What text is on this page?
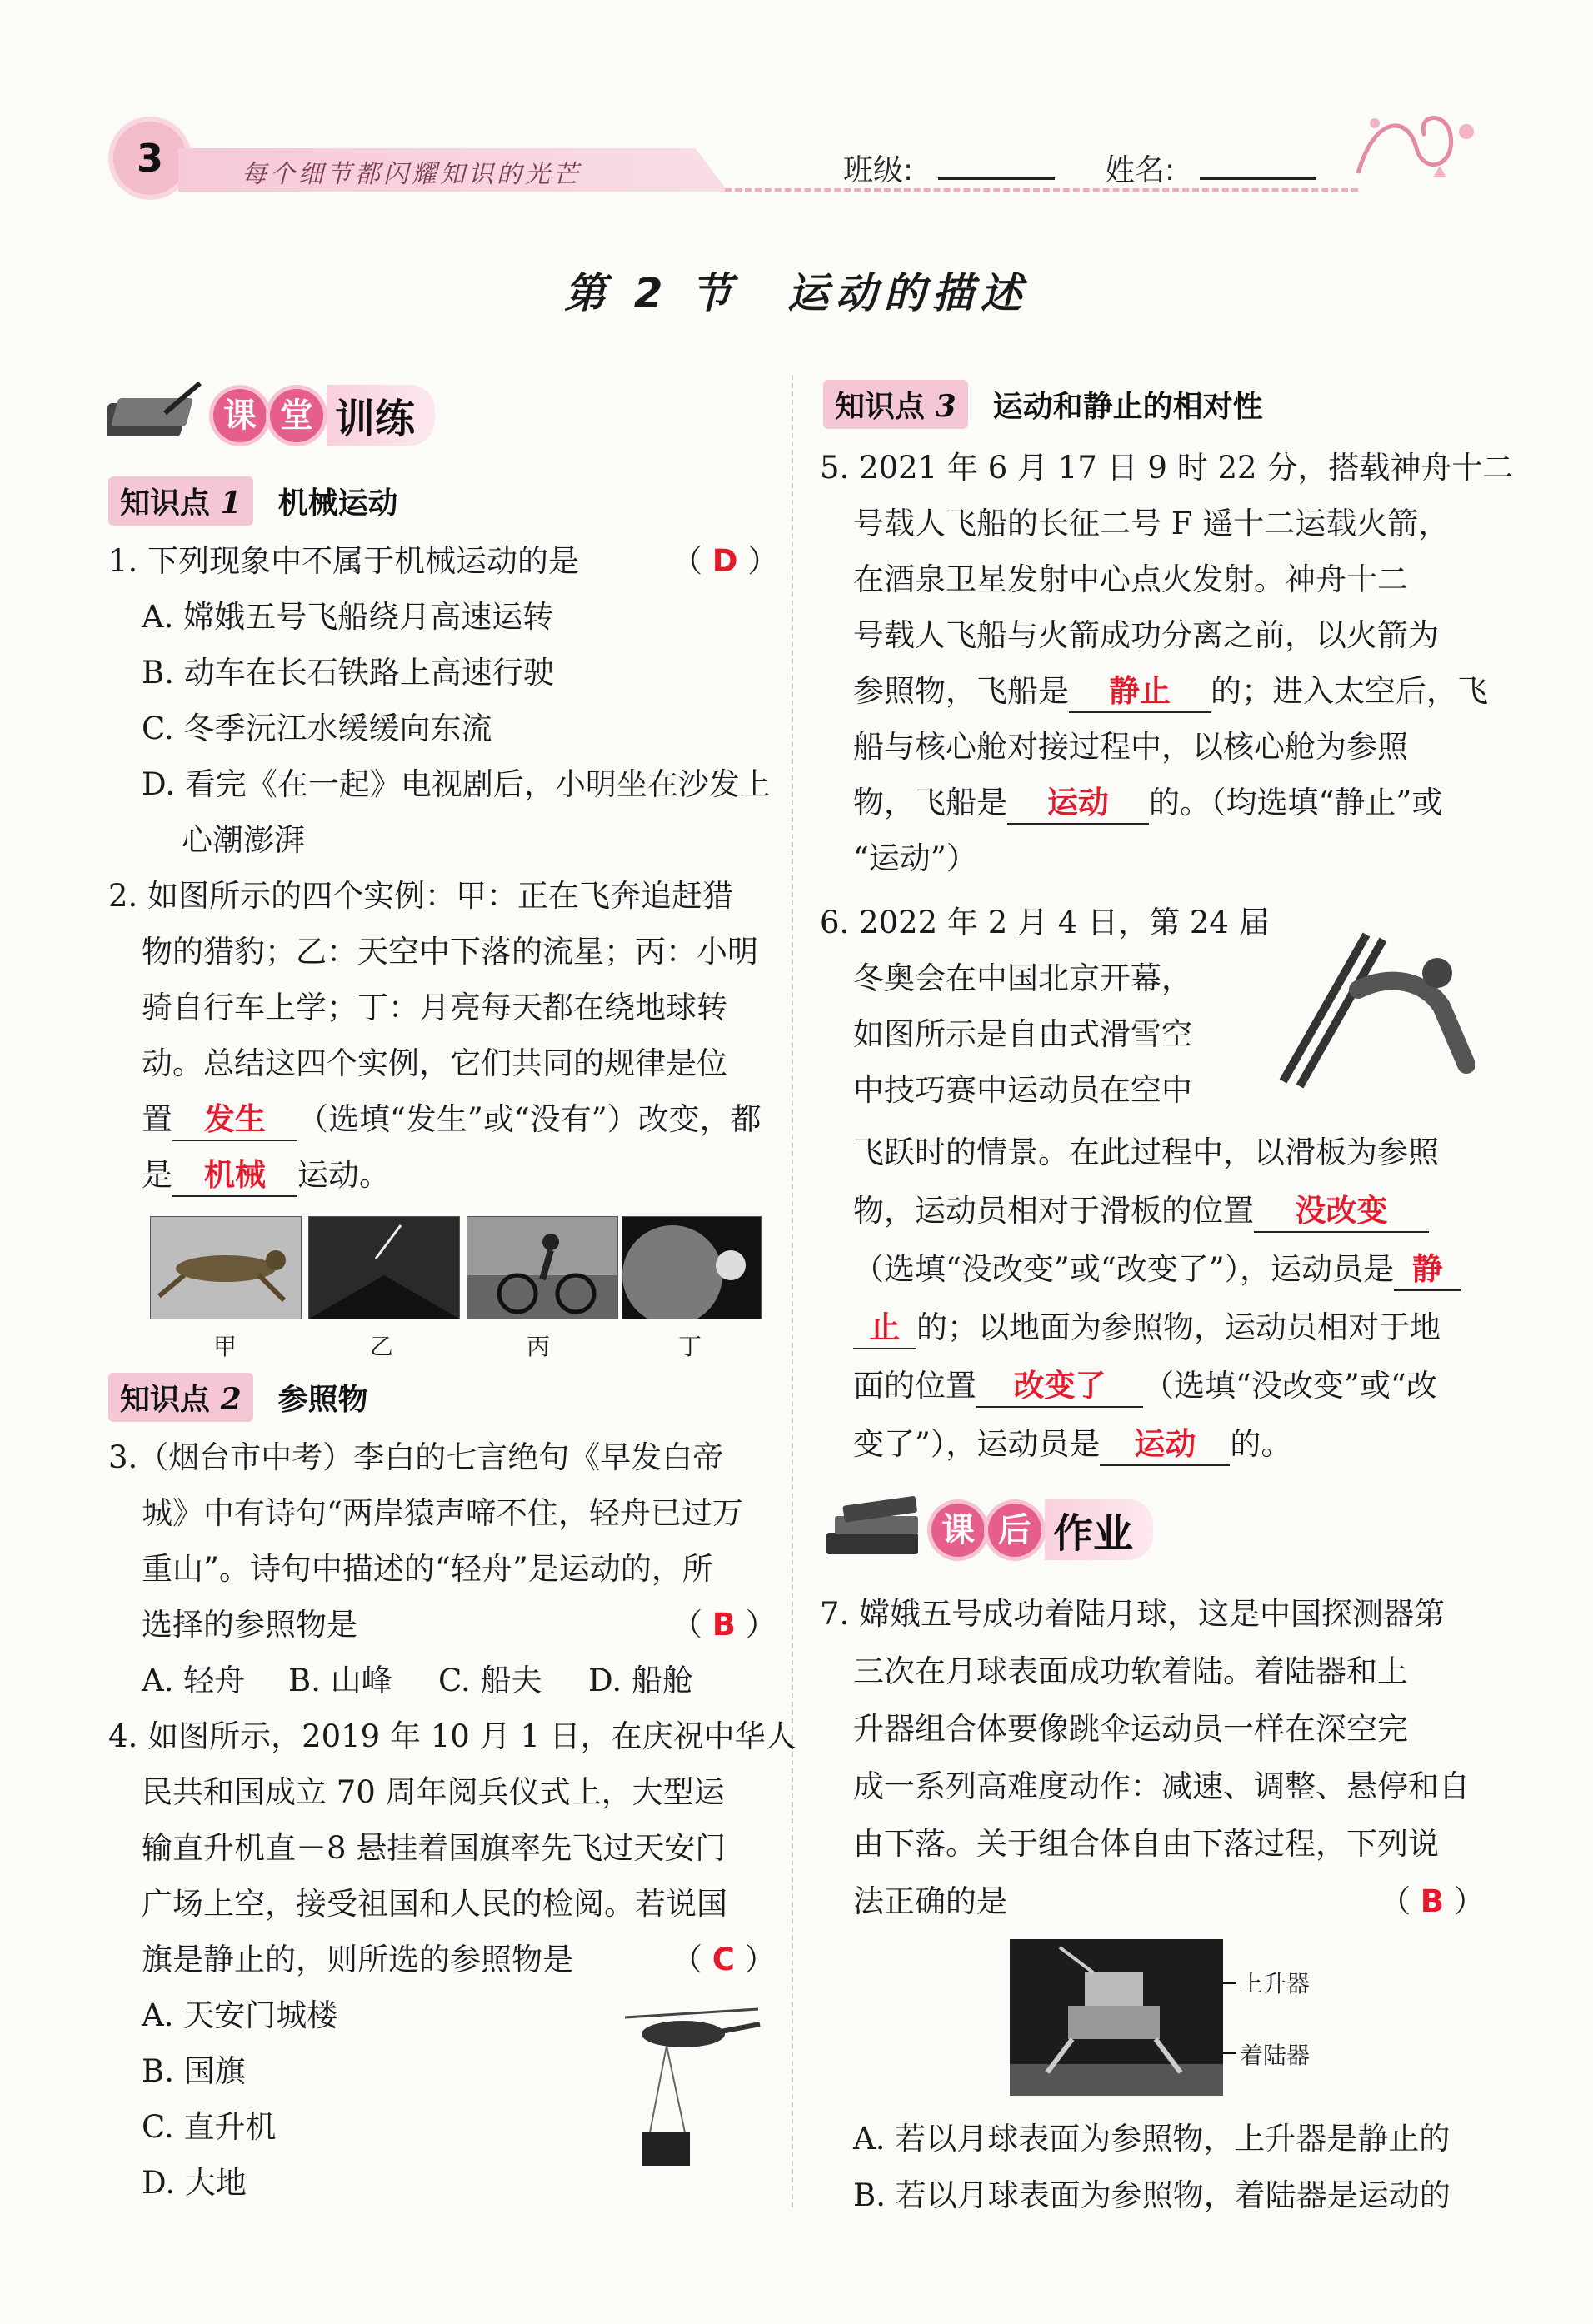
3	每个细节都闪耀知识的光芒	班级:	姓名:
第 2 节　运动的描述
课 堂 训练
知识点 1	机械运动
1. 下列现象中不属于机械运动的是	（ D ）
A. 嫦娥五号飞船绕月高速运转
B. 动车在长石铁路上高速行驶
C. 冬季沅江水缓缓向东流
D. 看完《在一起》电视剧后，小明坐在沙发上
心潮澎湃
2. 如图所示的四个实例：甲：正在飞奔追赶猎
物的猎豹；乙：天空中下落的流星；丙：小明
骑自行车上学；丁：月亮每天都在绕地球转
动。总结这四个实例，它们共同的规律是位
置 发生 （选填“发生”或“没有”）改变，都
是 机械 运动。
甲	乙	丙	丁
知识点 2	参照物
3.（烟台市中考）李白的七言绝句《早发白帝
城》中有诗句“两岸猿声啼不住，轻舟已过万
重山”。诗句中描述的“轻舟”是运动的，所
选择的参照物是	（ B ）
A. 轻舟 B. 山峰 C. 船夫 D. 船舱
4. 如图所示，2019 年 10 月 1 日，在庆祝中华人
民共和国成立 70 周年阅兵仪式上，大型运
输直升机直－8 悬挂着国旗率先飞过天安门
广场上空，接受祖国和人民的检阅。若说国
旗是静止的，则所选的参照物是	（ C ）
A. 天安门城楼
B. 国旗
C. 直升机
D. 大地
知识点 3	运动和静止的相对性
5. 2021 年 6 月 17 日 9 时 22 分，搭载神舟十二
号载人飞船的长征二号 F 遥十二运载火箭，
在酒泉卫星发射中心点火发射。神舟十二
号载人飞船与火箭成功分离之前，以火箭为
参照物，飞船是 静止 的；进入太空后，飞
船与核心舱对接过程中，以核心舱为参照
物，飞船是 运动 的。（均选填“静止”或
“运动”）
6. 2022 年 2 月 4 日，第 24 届
冬奥会在中国北京开幕，
如图所示是自由式滑雪空
中技巧赛中运动员在空中
飞跃时的情景。在此过程中，以滑板为参照
物，运动员相对于滑板的位置 没改变
（选填“没改变”或“改变了”），运动员是 静
止 的；以地面为参照物，运动员相对于地
面的位置 改变了 （选填“没改变”或“改
变了”），运动员是 运动 的。
课 后 作业
7. 嫦娥五号成功着陆月球，这是中国探测器第
三次在月球表面成功软着陆。着陆器和上
升器组合体要像跳伞运动员一样在深空完
成一系列高难度动作：减速、调整、悬停和自
由下落。关于组合体自由下落过程，下列说
法正确的是	（ B ）
A. 若以月球表面为参照物，上升器是静止的
B. 若以月球表面为参照物，着陆器是运动的
上升器
着陆器
